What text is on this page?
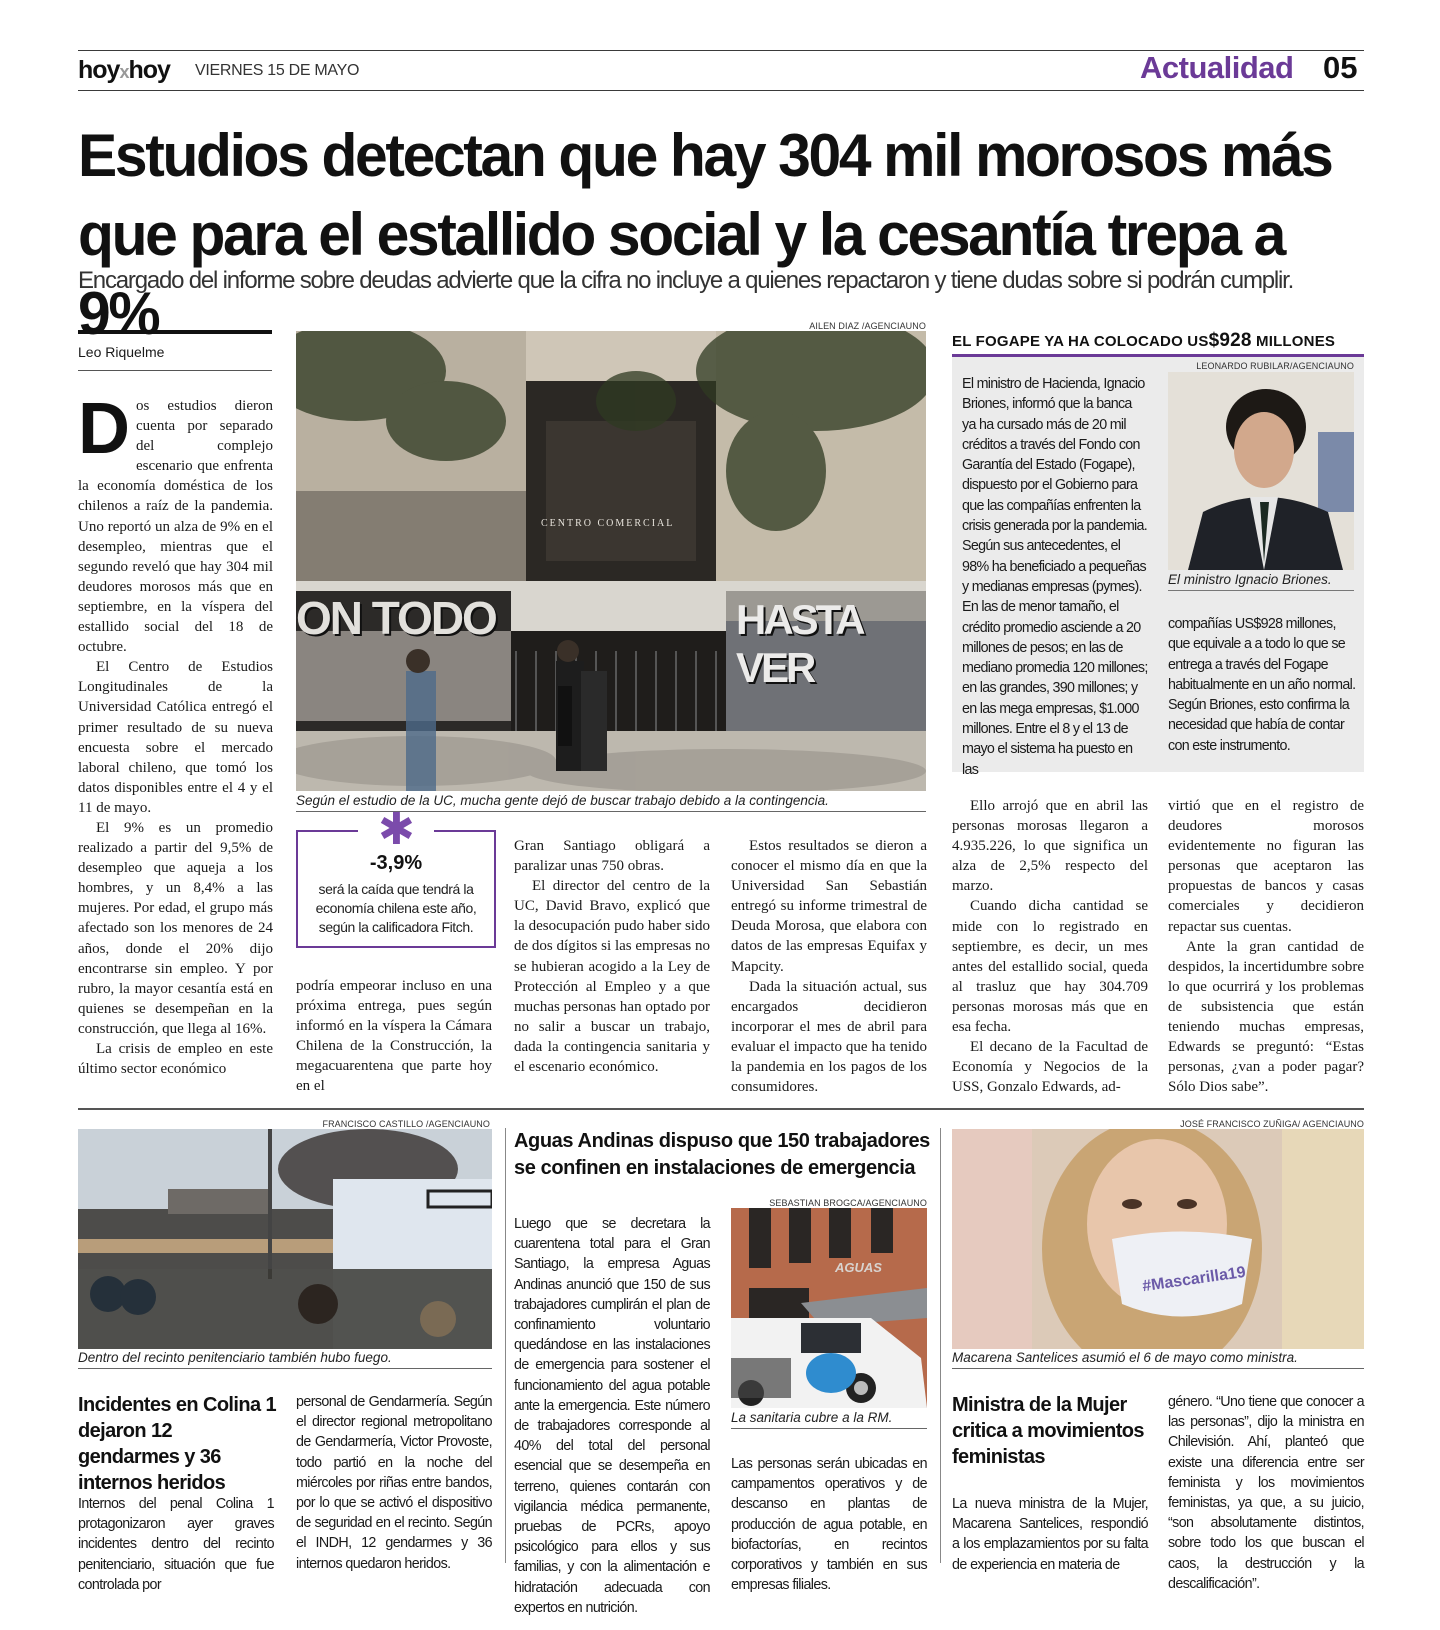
hoyxhoy VIERNES 15 DE MAYO	Actualidad 05
Estudios detectan que hay 304 mil morosos más que para el estallido social y la cesantía trepa a 9%
Encargado del informe sobre deudas advierte que la cifra no incluye a quienes repactaron y tiene dudas sobre si podrán cumplir.
Leo Riquelme

Dos estudios dieron cuenta por separado del complejo escenario que enfrenta la economía doméstica de los chilenos a raíz de la pandemia. Uno reportó un alza de 9% en el desempleo, mientras que el segundo reveló que hay 304 mil deudores morosos más que en septiembre, en la víspera del estallido social del 18 de octubre.

El Centro de Estudios Longitudinales de la Universidad Católica entregó el primer resultado de su nueva encuesta sobre el mercado laboral chileno, que tomó los datos disponibles entre el 4 y el 11 de mayo.

El 9% es un promedio realizado a partir del 9,5% de desempleo que aqueja a los hombres, y un 8,4% a las mujeres. Por edad, el grupo más afectado son los menores de 24 años, donde el 20% dijo encontrarse sin empleo. Y por rubro, la mayor cesantía está en quienes se desempeñan en la construcción, que llega al 16%.

La crisis de empleo en este último sector económico

AILEN DIAZ /AGENCIAUNO
CENTRO COMERCIAL
ON TODO	HASTA VER
Según el estudio de la UC, mucha gente dejó de buscar trabajo debido a la contingencia.
✱
-3,9%
será la caída que tendrá la economía chilena este año, según la calificadora Fitch.

podría empeorar incluso en una próxima entrega, pues según informó en la víspera la Cámara Chilena de la Construcción, la megacuarentena que parte hoy en el

Gran Santiago obligará a paralizar unas 750 obras.

El director del centro de la UC, David Bravo, explicó que la desocupación pudo haber sido de dos dígitos si las empresas no se hubieran acogido a la Ley de Protección al Empleo y a que muchas personas han optado por no salir a buscar un trabajo, dada la contingencia sanitaria y el escenario económico.

Estos resultados se dieron a conocer el mismo día en que la Universidad San Sebastián entregó su informe trimestral de Deuda Morosa, que elabora con datos de las empresas Equifax y Mapcity.

Dada la situación actual, sus encargados decidieron incorporar el mes de abril para evaluar el impacto que ha tenido la pandemia en los pagos de los consumidores.

EL FOGAPE YA HA COLOCADO US$928 MILLONES
El ministro de Hacienda, Ignacio Briones, informó que la banca ya ha cursado más de 20 mil créditos a través del Fondo con Garantía del Estado (Fogape), dispuesto por el Gobierno para que las compañías enfrenten la crisis generada por la pandemia. Según sus antecedentes, el 98% ha beneficiado a pequeñas y medianas empresas (pymes). En las de menor tamaño, el crédito promedio asciende a 20 millones de pesos; en las de mediano promedia 120 millones; en las grandes, 390 millones; y en las mega empresas, $1.000 millones. Entre el 8 y el 13 de mayo el sistema ha puesto en las
LEONARDO RUBILAR/AGENCIAUNO
El ministro Ignacio Briones.
compañías US$928 millones, que equivale a a todo lo que se entrega a través del Fogape habitualmente en un año normal. Según Briones, esto confirma la necesidad que había de contar con este instrumento.

Ello arrojó que en abril las personas morosas llegaron a 4.935.226, lo que significa un alza de 2,5% respecto del marzo.

Cuando dicha cantidad se mide con lo registrado en septiembre, es decir, un mes antes del estallido social, queda al trasluz que hay 304.709 personas morosas más que en esa fecha.

El decano de la Facultad de Economía y Negocios de la USS, Gonzalo Edwards, ad-

virtió que en el registro de deudores morosos evidentemente no figuran las personas que aceptaron las propuestas de bancos y casas comerciales y decidieron repactar sus cuentas.

Ante la gran cantidad de despidos, la incertidumbre sobre lo que ocurrirá y los problemas de subsistencia que están teniendo muchas empresas, Edwards se preguntó: “Estas personas, ¿van a poder pagar? Sólo Dios sabe”.

FRANCISCO CASTILLO /AGENCIAUNO
Dentro del recinto penitenciario también hubo fuego.
Incidentes en Colina 1 dejaron 12 gendarmes y 36 internos heridos
Internos del penal Colina 1 protagonizaron ayer graves incidentes dentro del recinto penitenciario, situación que fue controlada por
personal de Gendarmería. Según el director regional metropolitano de Gendarmería, Victor Provoste, todo partió en la noche del miércoles por riñas entre bandos, por lo que se activó el dispositivo de seguridad en el recinto. Según el INDH, 12 gendarmes y 36 internos quedaron heridos.
Aguas Andinas dispuso que 150 trabajadores se confinen en instalaciones de emergencia
Luego que se decretara la cuarentena total para el Gran Santiago, la empresa Aguas Andinas anunció que 150 de sus trabajadores cumplirán el plan de confinamiento voluntario quedándose en las instalaciones de emergencia para sostener el funcionamiento del agua potable ante la emergencia. Este número de trabajadores corresponde al 40% del total del personal esencial que se desempeña en terreno, quienes contarán con vigilancia médica permanente, pruebas de PCRs, apoyo psicológico para ellos y sus familias, y con la alimentación e hidratación adecuada con expertos en nutrición.
SEBASTIAN BROGCA/AGENCIAUNO
AGUAS
La sanitaria cubre a la RM.
Las personas serán ubicadas en campamentos operativos y de descanso en plantas de producción de agua potable, en biofactorías, en recintos corporativos y también en sus empresas filiales.
JOSÉ FRANCISCO ZUÑIGA/ AGENCIAUNO
#Mascarilla19
Macarena Santelices asumió el 6 de mayo como ministra.
Ministra de la Mujer critica a movimientos feministas
La nueva ministra de la Mujer, Macarena Santelices, respondió a los emplazamientos por su falta de experiencia en materia de
género. “Uno tiene que conocer a las personas”, dijo la ministra en Chilevisión. Ahí, planteó que existe una diferencia entre ser feminista y los movimientos feministas, ya que, a su juicio, “son absolutamente distintos, sobre todo los que buscan el caos, la destrucción y la descalificación”.
